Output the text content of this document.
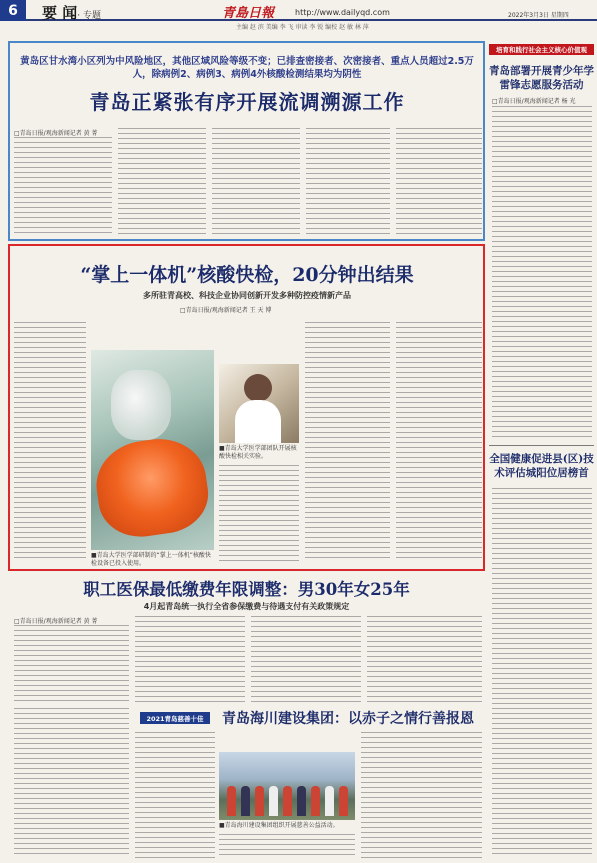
6	要 闻· 专题	青島日報	http://www.dailyqd.com	2022年3月3日 星期四
主编 赵 滨 美编 李 飞 审读 李 锐 编校 赵 敏 林 萍
黄岛区甘水湾小区列为中风险地区，其他区域风险等级不变；已排查密接者、次密接者、重点人员超过2.5万人，除病例2、病例3、病例4外核酸检测结果均为阴性
青岛正紧张有序开展流调溯源工作
□青岛日报/观海新闻记者 黄 菁
“掌上一体机”核酸快检，20分钟出结果
多所驻青高校、科技企业协同创新开发多种防控疫情新产品
□青岛日报/观海新闻记者 王 天 博
■青岛大学医学部研制的“掌上一体机”核酸快检设备已投入使用。
■青岛大学医学部团队开展核酸快检相关实验。
培育和践行社会主义核心价值观
青岛部署开展青少年学雷锋志愿服务活动
□青岛日报/观海新闻记者 杨 光
全国健康促进县(区)技术评估城阳位居榜首
职工医保最低缴费年限调整：男30年女25年
4月起青岛统一执行全省参保缴费与待遇支付有关政策规定
□青岛日报/观海新闻记者 黄 菁
2021青岛慈善十佳	青岛海川建设集团：以赤子之情行善报恩
■青岛海川建设集团组织开展慈善公益活动。
